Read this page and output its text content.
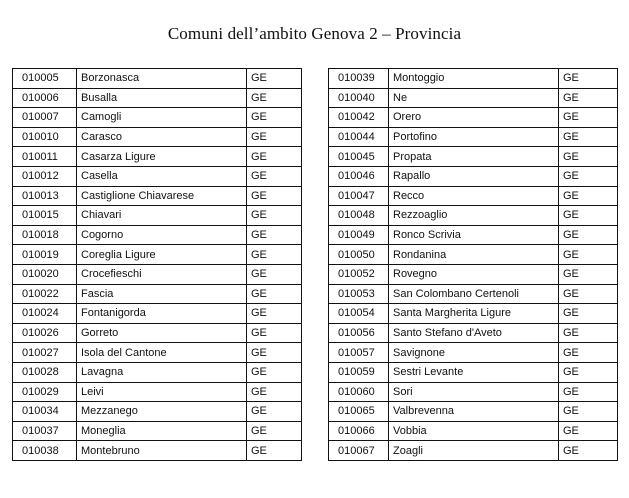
Comuni dell’ambito Genova 2 – Provincia
010005	Borzonasca	GE
010006	Busalla	GE
010007	Camogli	GE
010010	Carasco	GE
010011	Casarza Ligure	GE
010012	Casella	GE
010013	Castiglione Chiavarese	GE
010015	Chiavari	GE
010018	Cogorno	GE
010019	Coreglia Ligure	GE
010020	Crocefieschi	GE
010022	Fascia	GE
010024	Fontanigorda	GE
010026	Gorreto	GE
010027	Isola del Cantone	GE
010028	Lavagna	GE
010029	Leivi	GE
010034	Mezzanego	GE
010037	Moneglia	GE
010038	Montebruno	GE
010039	Montoggio	GE
010040	Ne	GE
010042	Orero	GE
010044	Portofino	GE
010045	Propata	GE
010046	Rapallo	GE
010047	Recco	GE
010048	Rezzoaglio	GE
010049	Ronco Scrivia	GE
010050	Rondanina	GE
010052	Rovegno	GE
010053	San Colombano Certenoli	GE
010054	Santa Margherita Ligure	GE
010056	Santo Stefano d'Aveto	GE
010057	Savignone	GE
010059	Sestri Levante	GE
010060	Sori	GE
010065	Valbrevenna	GE
010066	Vobbia	GE
010067	Zoagli	GE
